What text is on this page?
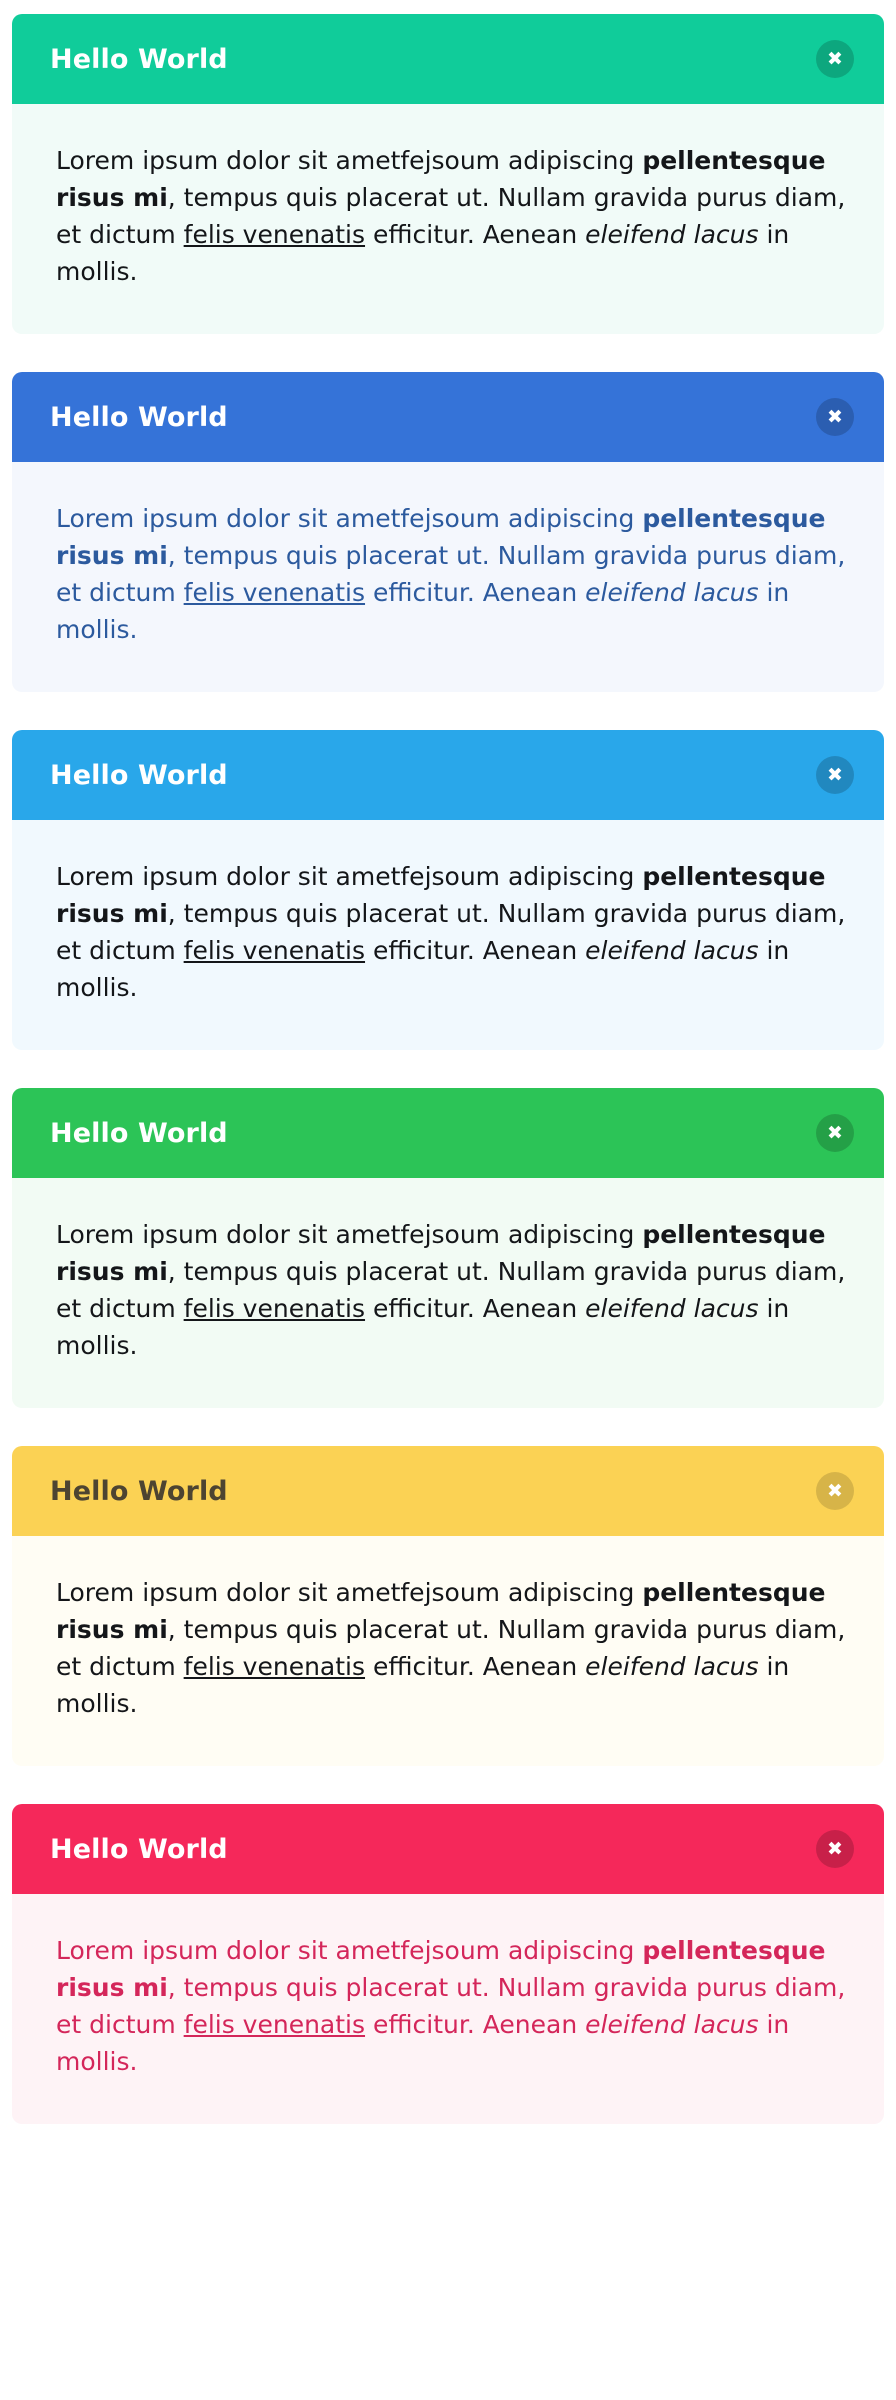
Hello World	✖

Lorem ipsum dolor sit ametfejsoum adipiscing pellentesque risus mi, tempus quis placerat ut. Nullam gravida purus diam, et dictum felis venenatis efficitur. Aenean eleifend lacus in mollis.

Hello World	✖

Lorem ipsum dolor sit ametfejsoum adipiscing pellentesque risus mi, tempus quis placerat ut. Nullam gravida purus diam, et dictum felis venenatis efficitur. Aenean eleifend lacus in mollis.

Hello World	✖

Lorem ipsum dolor sit ametfejsoum adipiscing pellentesque risus mi, tempus quis placerat ut. Nullam gravida purus diam, et dictum felis venenatis efficitur. Aenean eleifend lacus in mollis.

Hello World	✖

Lorem ipsum dolor sit ametfejsoum adipiscing pellentesque risus mi, tempus quis placerat ut. Nullam gravida purus diam, et dictum felis venenatis efficitur. Aenean eleifend lacus in mollis.

Hello World	✖

Lorem ipsum dolor sit ametfejsoum adipiscing pellentesque risus mi, tempus quis placerat ut. Nullam gravida purus diam, et dictum felis venenatis efficitur. Aenean eleifend lacus in mollis.

Hello World	✖

Lorem ipsum dolor sit ametfejsoum adipiscing pellentesque risus mi, tempus quis placerat ut. Nullam gravida purus diam, et dictum felis venenatis efficitur. Aenean eleifend lacus in mollis.
